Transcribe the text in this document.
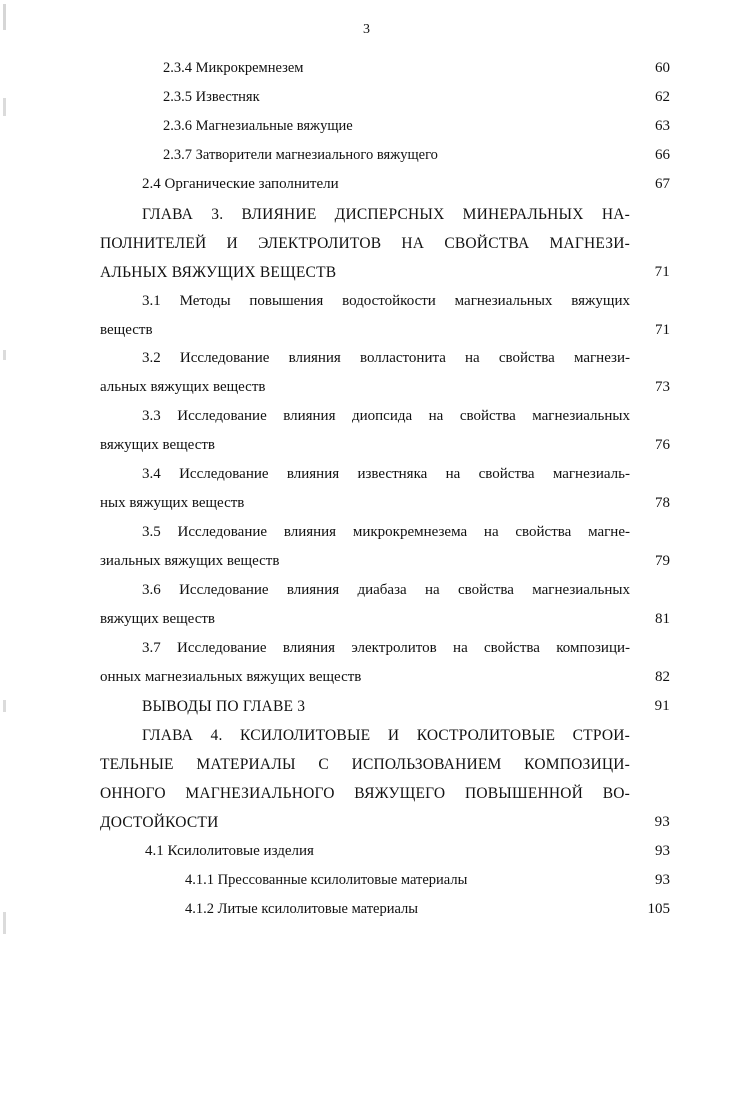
3
2.3.4 Микрокремнезем	60
2.3.5 Известняк	62
2.3.6 Магнезиальные вяжущие	63
2.3.7 Затворители магнезиального вяжущего	66
2.4 Органические заполнители	67
ГЛАВА 3. ВЛИЯНИЕ ДИСПЕРСНЫХ МИНЕРАЛЬНЫХ НА-
ПОЛНИТЕЛЕЙ И ЭЛЕКТРОЛИТОВ НА СВОЙСТВА МАГНЕЗИ-
АЛЬНЫХ ВЯЖУЩИХ ВЕЩЕСТВ	71
3.1 Методы повышения водостойкости магнезиальных вяжущих
веществ	71
3.2 Исследование влияния волластонита на свойства магнези-
альных вяжущих веществ	73
3.3 Исследование влияния диопсида на свойства магнезиальных
вяжущих веществ	76
3.4 Исследование влияния известняка на свойства магнезиаль-
ных вяжущих веществ	78
3.5 Исследование влияния микрокремнезема на свойства магне-
зиальных вяжущих веществ	79
3.6 Исследование влияния диабаза на свойства магнезиальных
вяжущих веществ	81
3.7 Исследование влияния электролитов на свойства композици-
онных магнезиальных вяжущих веществ	82
ВЫВОДЫ ПО ГЛАВЕ 3	91
ГЛАВА 4. КСИЛОЛИТОВЫЕ И КОСТРОЛИТОВЫЕ СТРОИ-
ТЕЛЬНЫЕ МАТЕРИАЛЫ С ИСПОЛЬЗОВАНИЕМ КОМПОЗИЦИ-
ОННОГО МАГНЕЗИАЛЬНОГО ВЯЖУЩЕГО ПОВЫШЕННОЙ ВО-
ДОСТОЙКОСТИ	93
4.1 Ксилолитовые изделия	93
4.1.1 Прессованные ксилолитовые материалы	93
4.1.2 Литые ксилолитовые материалы	105
